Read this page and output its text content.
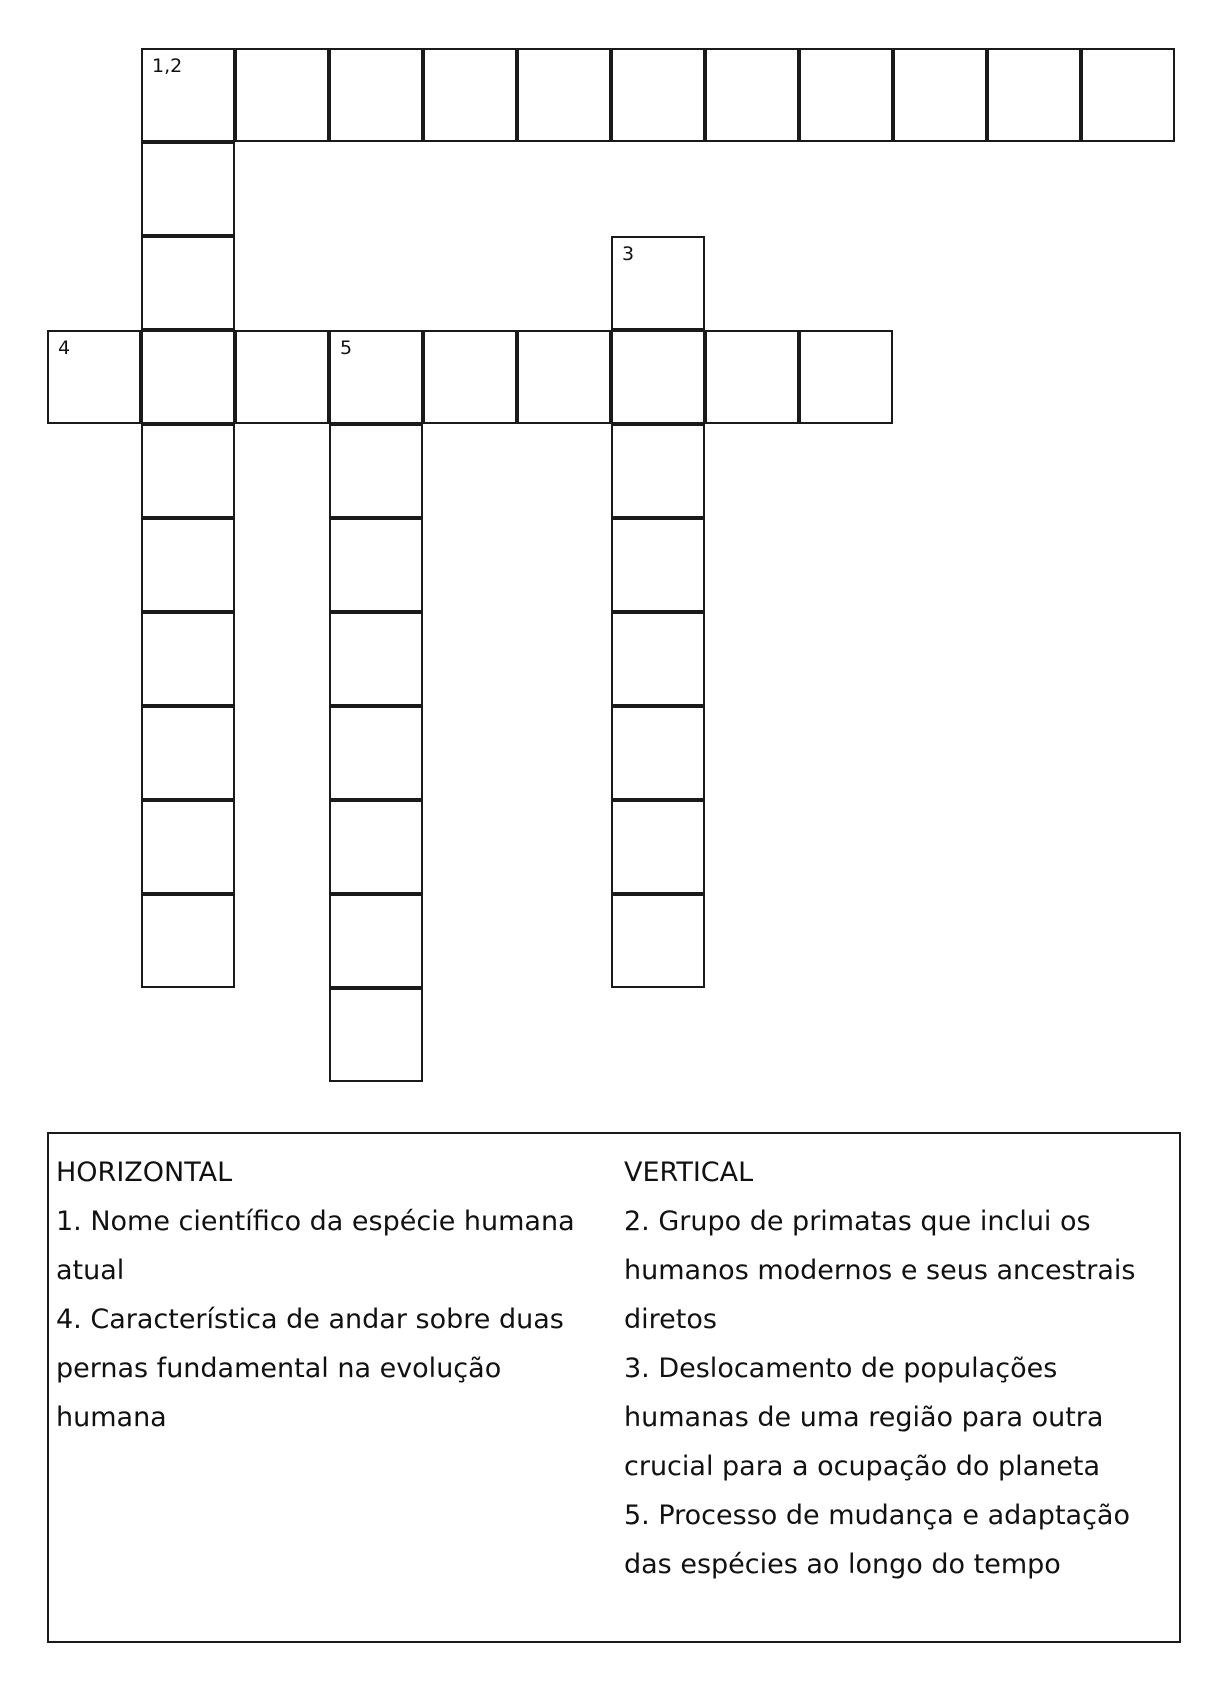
1,2
3
4	5
HORIZONTAL
1. Nome científico da espécie humana atual
4. Característica de andar sobre duas pernas fundamental na evolução humana
VERTICAL
2. Grupo de primatas que inclui os humanos modernos e seus ancestrais diretos
3. Deslocamento de populações humanas de uma região para outra crucial para a ocupação do planeta
5. Processo de mudança e adaptação das espécies ao longo do tempo
